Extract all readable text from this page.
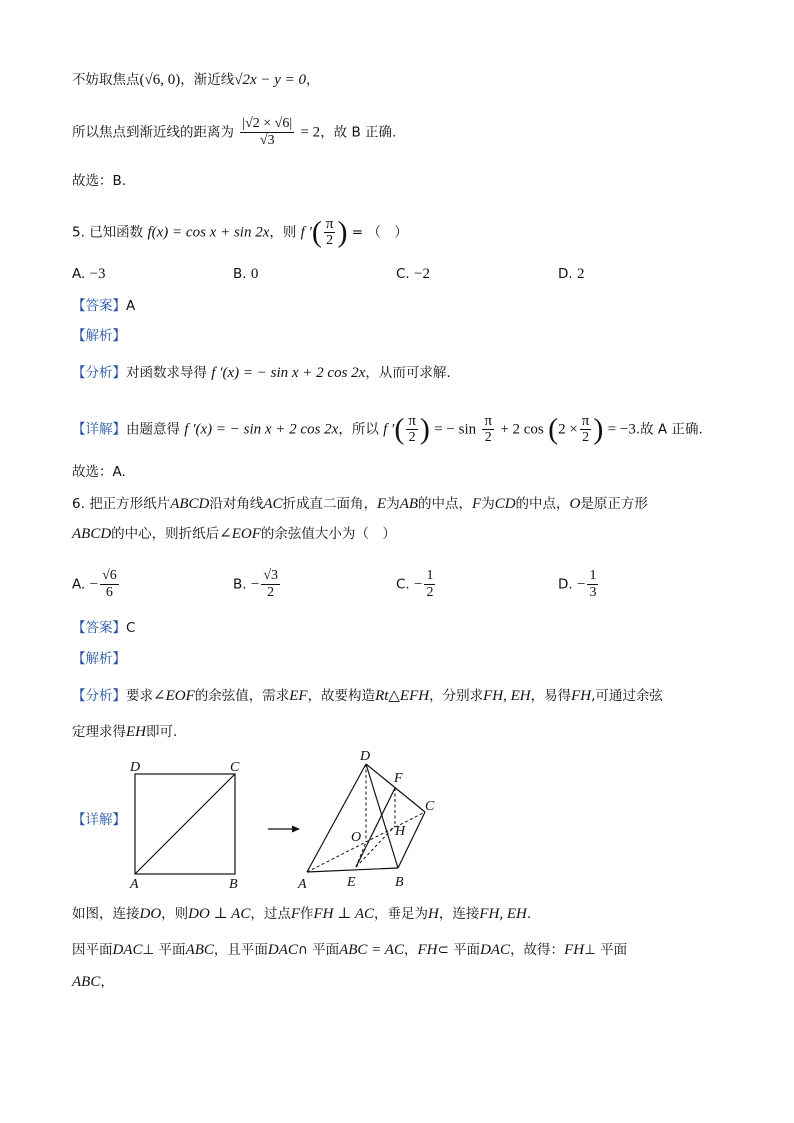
不妨取焦点(√6, 0)，渐近线√2x − y = 0，
所以焦点到渐近线的距离为 $\frac{|√2 \times √6|}{√3} = 2$，故 B 正确.
故选：B.
5. 已知函数 f(x) = cos x + sin 2x，则 f ′( $\frac{\pi}{2}$ ) = （　）
A. −3	B. 0	C. −2	D. 2
【答案】A
【解析】
【分析】对函数求导得 f ′(x) = − sin x + 2 cos 2x，从而可求解.
【详解】由题意得 f ′(x) = − sin x + 2 cos 2x，所以 f ′( $\frac{\pi}{2}$ ) = − $\sin \frac{\pi}{2} + 2$ $\cos (2 \times \frac{\pi}{2}$ ) = −3.故 A 正确.
故选：A.
6. 把正方形纸片ABCD沿对角线AC折成直二面角，E为AB的中点，F为CD的中点，O是原正方形
ABCD的中心，则折纸后∠EOF的余弦值大小为（　）
A. − $\frac{√6}{6}$	B. − $\frac{√3}{2}$	C. − $\frac{1}{2}$	D. − $\frac{1}{3}$
【答案】C
【解析】
【分析】要求∠EOF的余弦值，需求EF，故要构造Rt△EFH，分别求FH, EH，易得FH,可通过余弦
定理求得EH即可.
【详解】
D	C
A	B
D
F
C
O H
A	E	B
如图，连接DO，则DO ⊥ AC，过点F作FH ⊥ AC，垂足为H，连接FH, EH.
因平面DAC⊥ 平面ABC，且平面DAC∩ 平面ABC = AC，FH⊂ 平面DAC，故得：FH⊥ 平面
ABC，
